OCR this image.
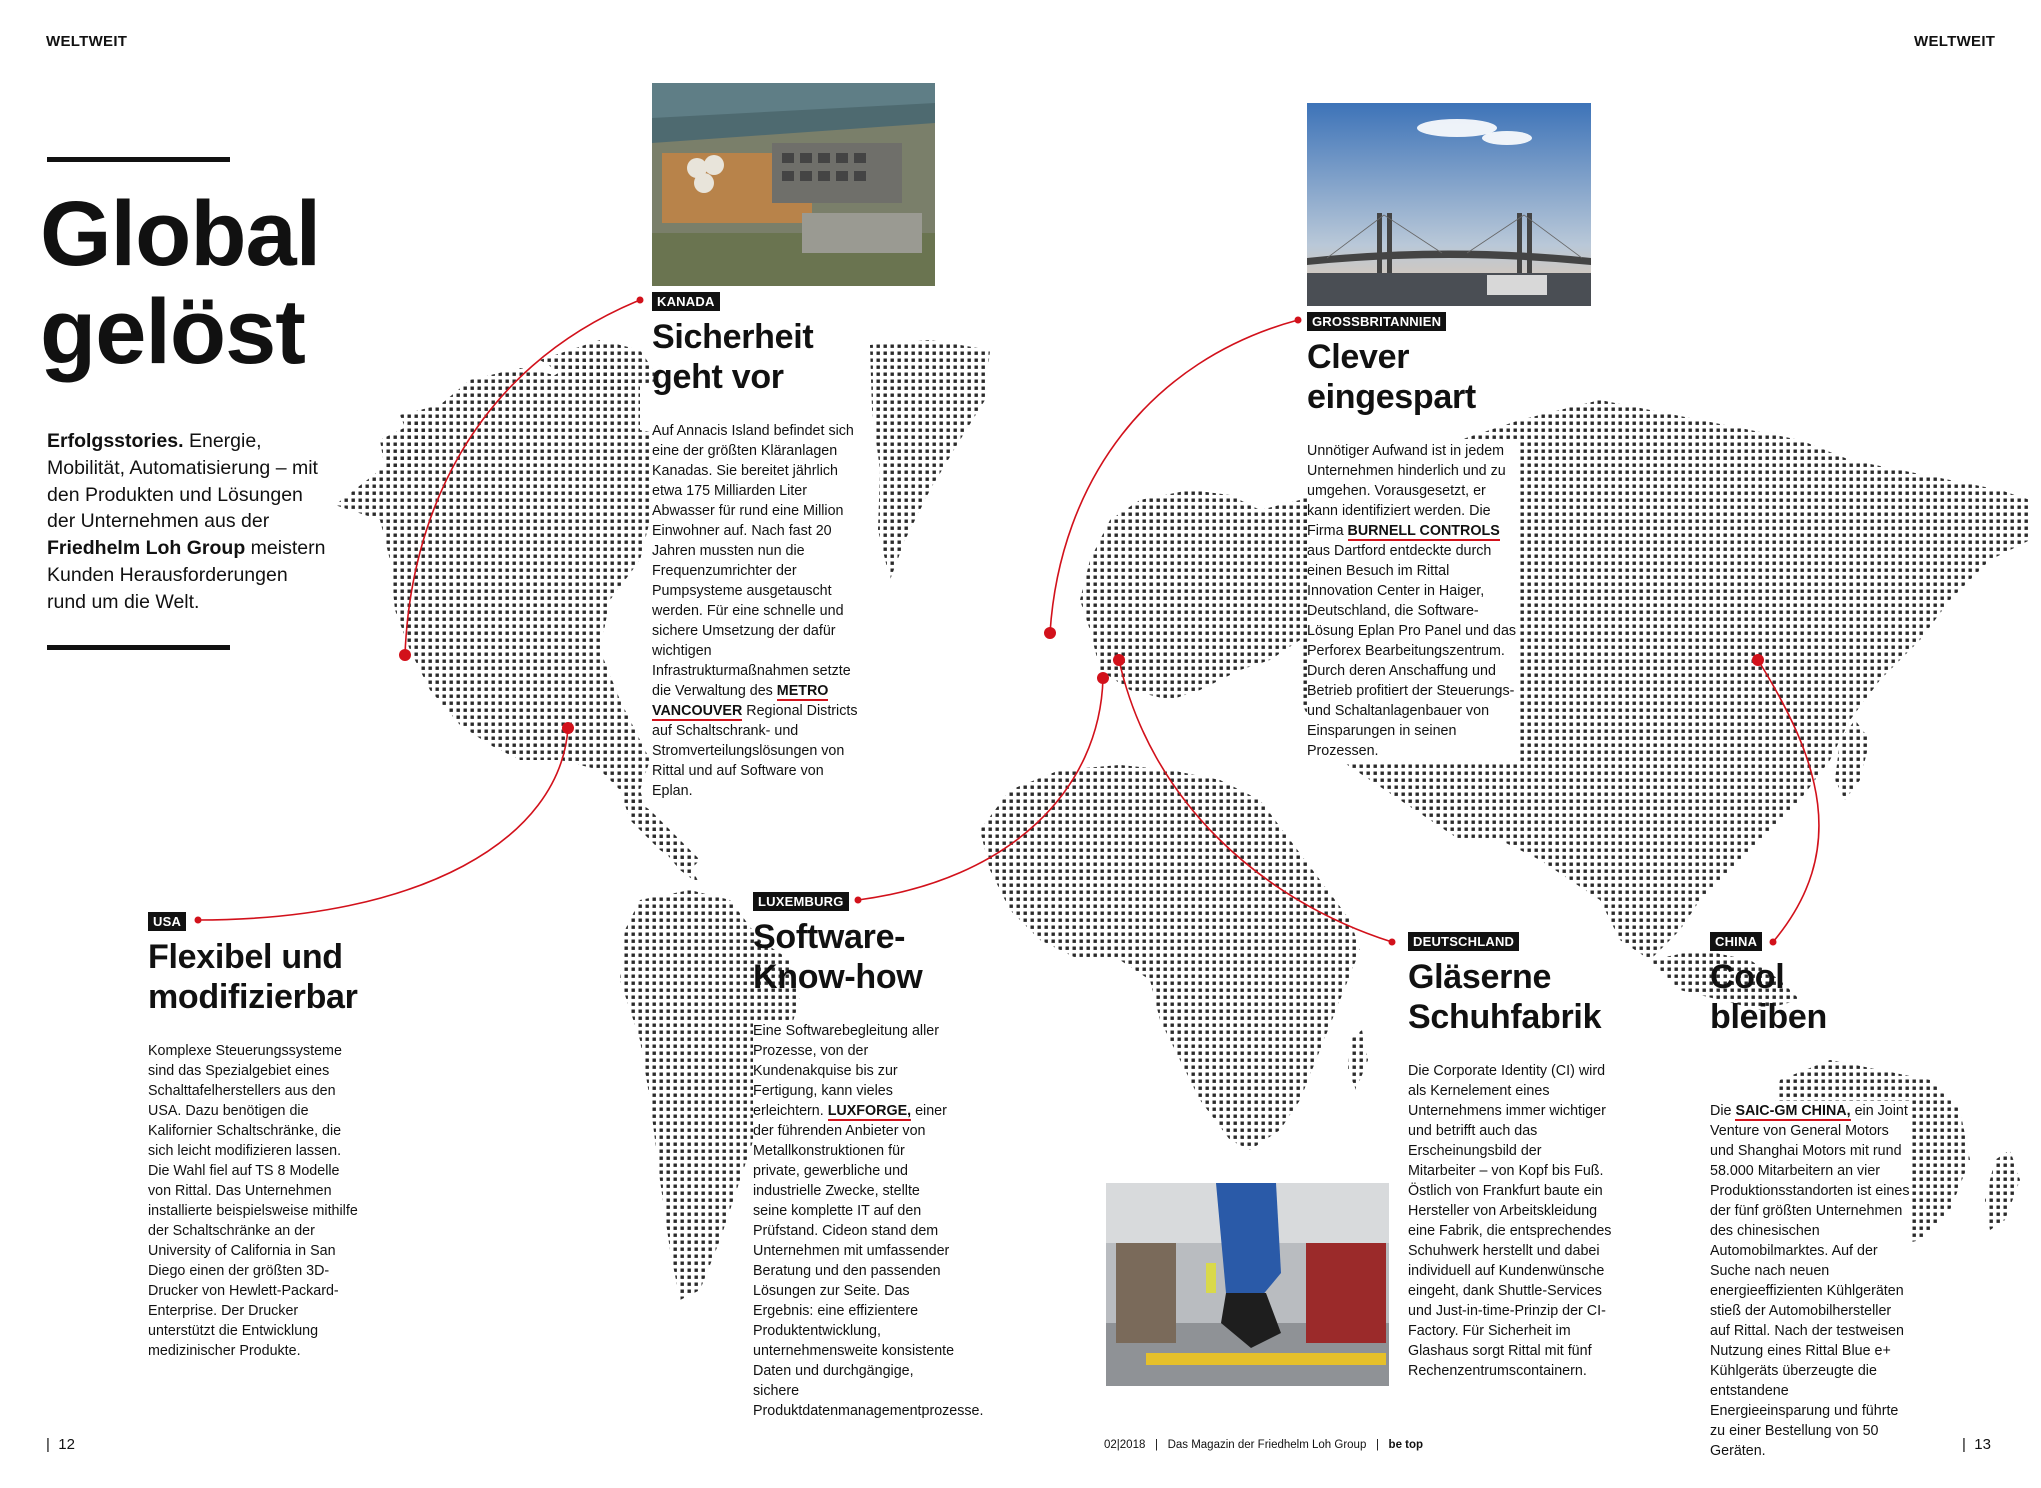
WELTWEIT	WELTWEIT
Global
gelöst
Erfolgsstories. Energie, Mobilität, Automatisierung – mit den Produkten und Lösungen der Unternehmen aus der Friedhelm Loh Group meistern Kunden Herausforderungen rund um die Welt.
KANADA
Sicherheit
geht vor
Auf Annacis Island befindet sich eine der größten Kläranlagen Kanadas. Sie bereitet jährlich etwa 175 Milliarden Liter Abwasser für rund eine Million Einwohner auf. Nach fast 20 Jahren mussten nun die Frequenzumrichter der Pumpsysteme ausgetauscht werden. Für eine schnelle und sichere Umsetzung der dafür wichtigen Infrastrukturmaßnahmen setzte die Verwaltung des METRO VANCOUVER Regional Districts auf Schaltschrank- und Stromverteilungslösungen von Rittal und auf Software von Eplan.
USA
Flexibel und
modifizierbar
Komplexe Steuerungssysteme sind das Spezialgebiet eines Schalttafelherstellers aus den USA. Dazu benötigen die Kalifornier Schaltschränke, die sich leicht modifizieren lassen. Die Wahl fiel auf TS 8 Modelle von Rittal. Das Unternehmen installierte beispielsweise mithilfe der Schaltschränke an der University of California in San Diego einen der größten 3D-Drucker von Hewlett-Packard-Enterprise. Der Drucker unterstützt die Entwicklung medizinischer Produkte.
LUXEMBURG
Software-
Know-how
Eine Softwarebegleitung aller Prozesse, von der Kundenakquise bis zur Fertigung, kann vieles erleichtern. LUXFORGE, einer der führenden Anbieter von Metallkonstruktionen für private, gewerbliche und industrielle Zwecke, stellte seine komplette IT auf den Prüfstand. Cideon stand dem Unternehmen mit umfassender Beratung und den passenden Lösungen zur Seite. Das Ergebnis: eine effizientere Produktentwicklung, unternehmensweite konsistente Daten und durchgängige, sichere Produktdatenmanagementprozesse.
GROSSBRITANNIEN
Clever
eingespart
Unnötiger Aufwand ist in jedem Unternehmen hinderlich und zu umgehen. Vorausgesetzt, er kann identifiziert werden. Die Firma BURNELL CONTROLS aus Dartford entdeckte durch einen Besuch im Rittal Innovation Center in Haiger, Deutschland, die Software-Lösung Eplan Pro Panel und das Perforex Bearbeitungszentrum. Durch deren Anschaffung und Betrieb profitiert der Steuerungs- und Schaltanlagenbauer von Einsparungen in seinen Prozessen.
DEUTSCHLAND
Gläserne
Schuhfabrik
Die Corporate Identity (CI) wird als Kernelement eines Unternehmens immer wichtiger und betrifft auch das Erscheinungsbild der Mitarbeiter – von Kopf bis Fuß. Östlich von Frankfurt baute ein Hersteller von Arbeitskleidung eine Fabrik, die entsprechendes Schuhwerk herstellt und dabei individuell auf Kundenwünsche eingeht, dank Shuttle-Services und Just-in-time-Prinzip der CI-Factory. Für Sicherheit im Glashaus sorgt Rittal mit fünf Rechenzentrumscontainern.
CHINA
Cool bleiben
Die SAIC-GM CHINA, ein Joint Venture von General Motors und Shanghai Motors mit rund 58.000 Mitarbeitern an vier Produktionsstandorten ist eines der fünf größten Unternehmen des chinesischen Automobilmarktes. Auf der Suche nach neuen energieeffizienten Kühlgeräten stieß der Automobilhersteller auf Rittal. Nach der testweisen Nutzung eines Rittal Blue e+ Kühlgeräts überzeugte die entstandene Energieeinsparung und führte zu einer Bestellung von 50 Geräten.
| 12	02|2018 | Das Magazin der Friedhelm Loh Group | be top	| 13
